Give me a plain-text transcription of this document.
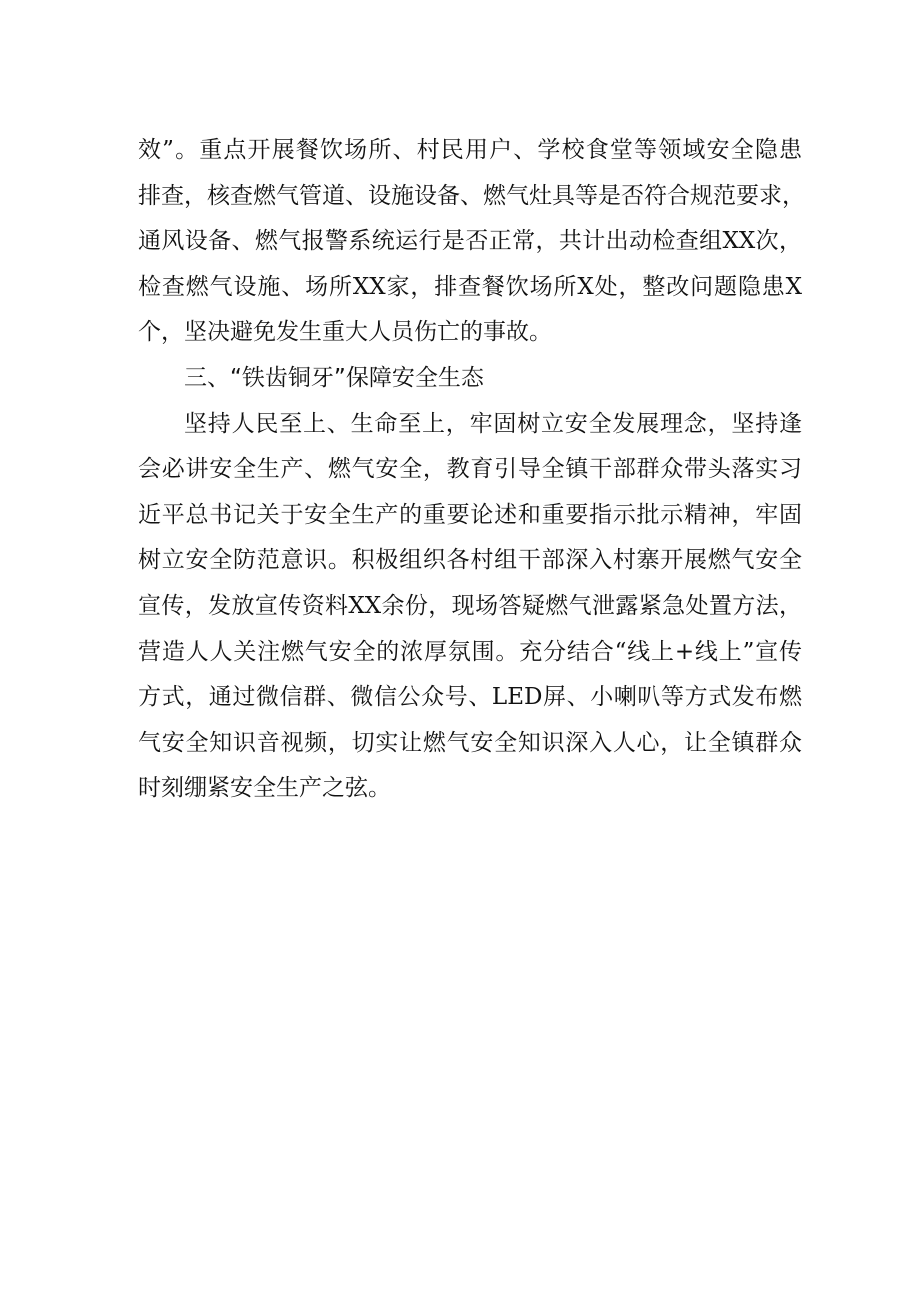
效”。重点开展餐饮场所、村民用户、学校食堂等领域安全隐患
排查，核查燃气管道、设施设备、燃气灶具等是否符合规范要求，
通风设备、燃气报警系统运行是否正常，共计出动检查组XX次，
检查燃气设施、场所XX家，排查餐饮场所X处，整改问题隐患X
个，坚决避免发生重大人员伤亡的事故。
三、“铁齿铜牙”保障安全生态
坚持人民至上、生命至上，牢固树立安全发展理念，坚持逢
会必讲安全生产、燃气安全，教育引导全镇干部群众带头落实习
近平总书记关于安全生产的重要论述和重要指示批示精神，牢固
树立安全防范意识。积极组织各村组干部深入村寨开展燃气安全
宣传，发放宣传资料XX余份，现场答疑燃气泄露紧急处置方法，
营造人人关注燃气安全的浓厚氛围。充分结合“线上+线上”宣传
方式，通过微信群、微信公众号、LED屏、小喇叭等方式发布燃
气安全知识音视频，切实让燃气安全知识深入人心，让全镇群众
时刻绷紧安全生产之弦。
